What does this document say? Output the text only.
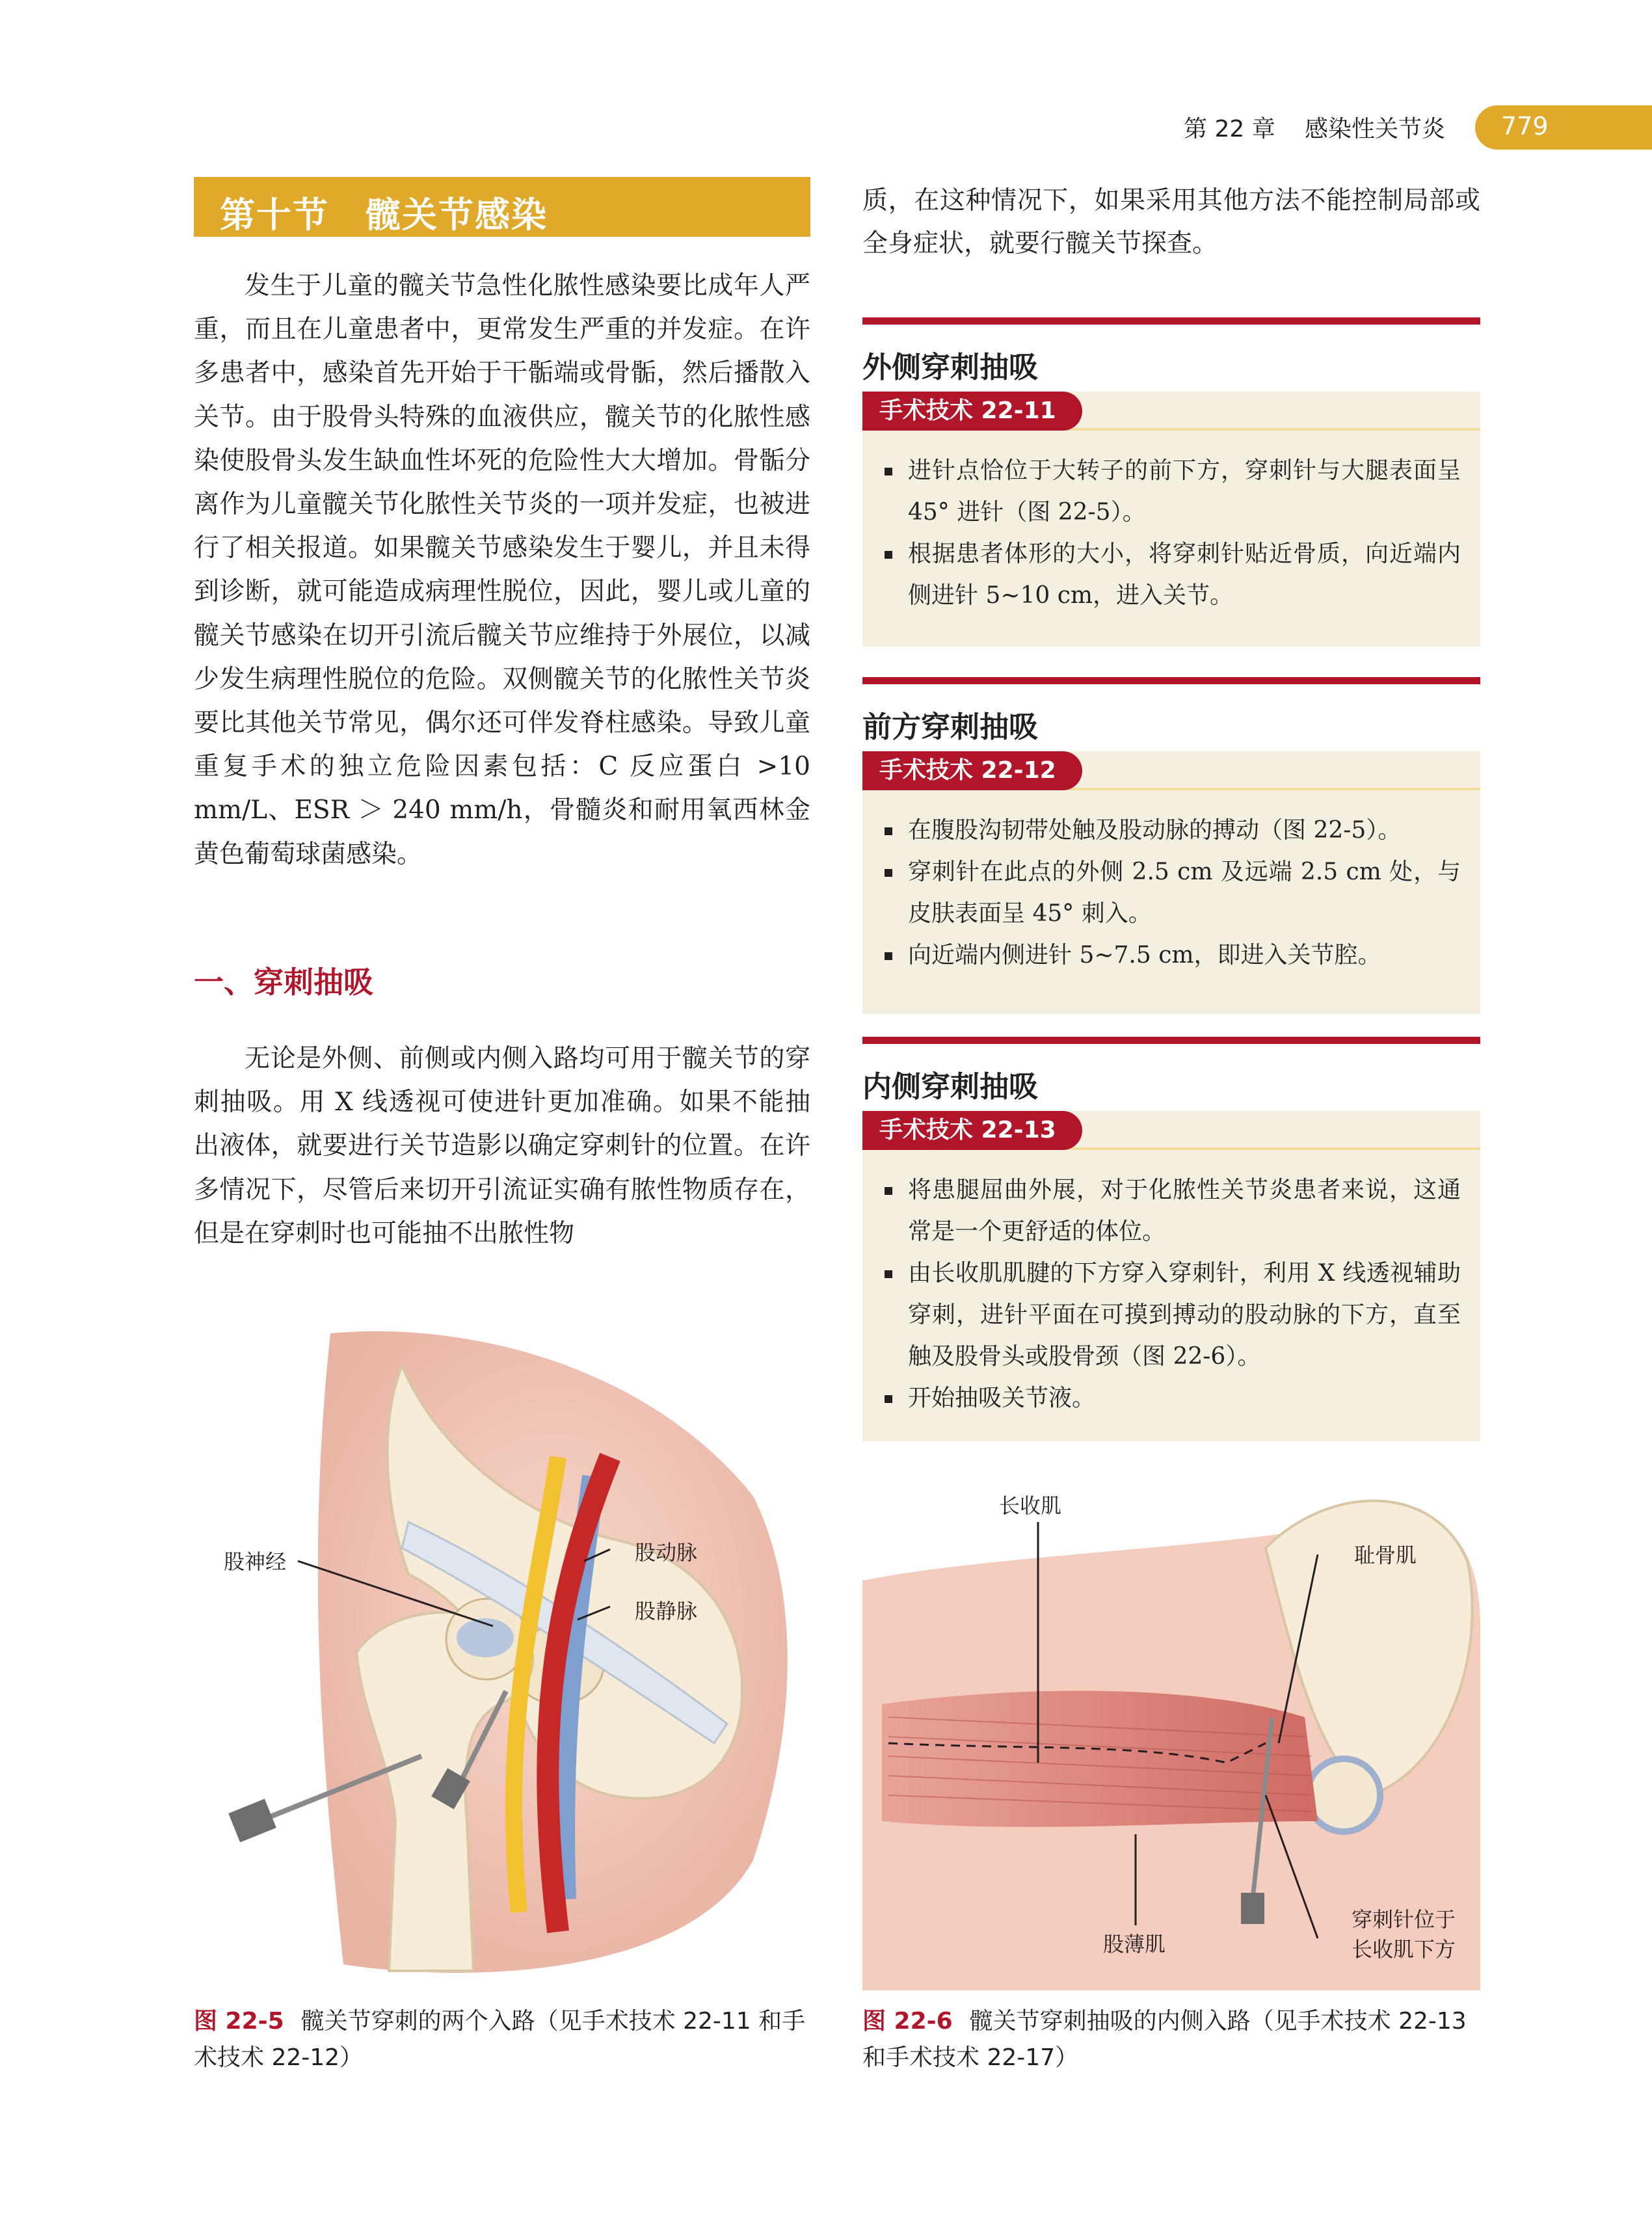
第 22 章 感染性关节炎 779
第十节　髋关节感染

发生于儿童的髋关节急性化脓性感染要比成年人严重，而且在儿童患者中，更常发生严重的并发症。在许多患者中，感染首先开始于干骺端或骨骺，然后播散入关节。由于股骨头特殊的血液供应，髋关节的化脓性感染使股骨头发生缺血性坏死的危险性大大增加。骨骺分离作为儿童髋关节化脓性关节炎的一项并发症，也被进行了相关报道。如果髋关节感染发生于婴儿，并且未得到诊断，就可能造成病理性脱位，因此，婴儿或儿童的髋关节感染在切开引流后髋关节应维持于外展位，以减少发生病理性脱位的危险。双侧髋关节的化脓性关节炎要比其他关节常见，偶尔还可伴发脊柱感染。导致儿童重复手术的独立危险因素包括：C 反应蛋白 >10 mm/L、ESR ＞ 240 mm/h，骨髓炎和耐用氧西林金黄色葡萄球菌感染。

一、穿刺抽吸

无论是外侧、前侧或内侧入路均可用于髋关节的穿刺抽吸。用 X 线透视可使进针更加准确。如果不能抽出液体，就要进行关节造影以确定穿刺针的位置。在许多情况下，尽管后来切开引流证实确有脓性物质存在，但是在穿刺时也可能抽不出脓性物

质，在这种情况下，如果采用其他方法不能控制局部或全身症状，就要行髋关节探查。

外侧穿刺抽吸
手术技术 22-11
进针点恰位于大转子的前下方，穿刺针与大腿表面呈 45° 进针（图 22-5）。
根据患者体形的大小，将穿刺针贴近骨质，向近端内侧进针 5~10 cm，进入关节。
前方穿刺抽吸
手术技术 22-12
在腹股沟韧带处触及股动脉的搏动（图 22-5）。
穿刺针在此点的外侧 2.5 cm 及远端 2.5 cm 处，与皮肤表面呈 45° 刺入。
向近端内侧进针 5~7.5 cm，即进入关节腔。
内侧穿刺抽吸
手术技术 22-13
将患腿屈曲外展，对于化脓性关节炎患者来说，这通常是一个更舒适的体位。
由长收肌肌腱的下方穿入穿刺针，利用 X 线透视辅助穿刺，进针平面在可摸到搏动的股动脉的下方，直至触及股骨头或股骨颈（图 22-6）。
开始抽吸关节液。
股神经	股动脉
股静脉
图 22-5 髋关节穿刺的两个入路（见手术技术 22-11 和手术技术 22-12）
长收肌
耻骨肌
股薄肌
穿刺针位于
长收肌下方
图 22-6 髋关节穿刺抽吸的内侧入路（见手术技术 22-13 和手术技术 22-17）
